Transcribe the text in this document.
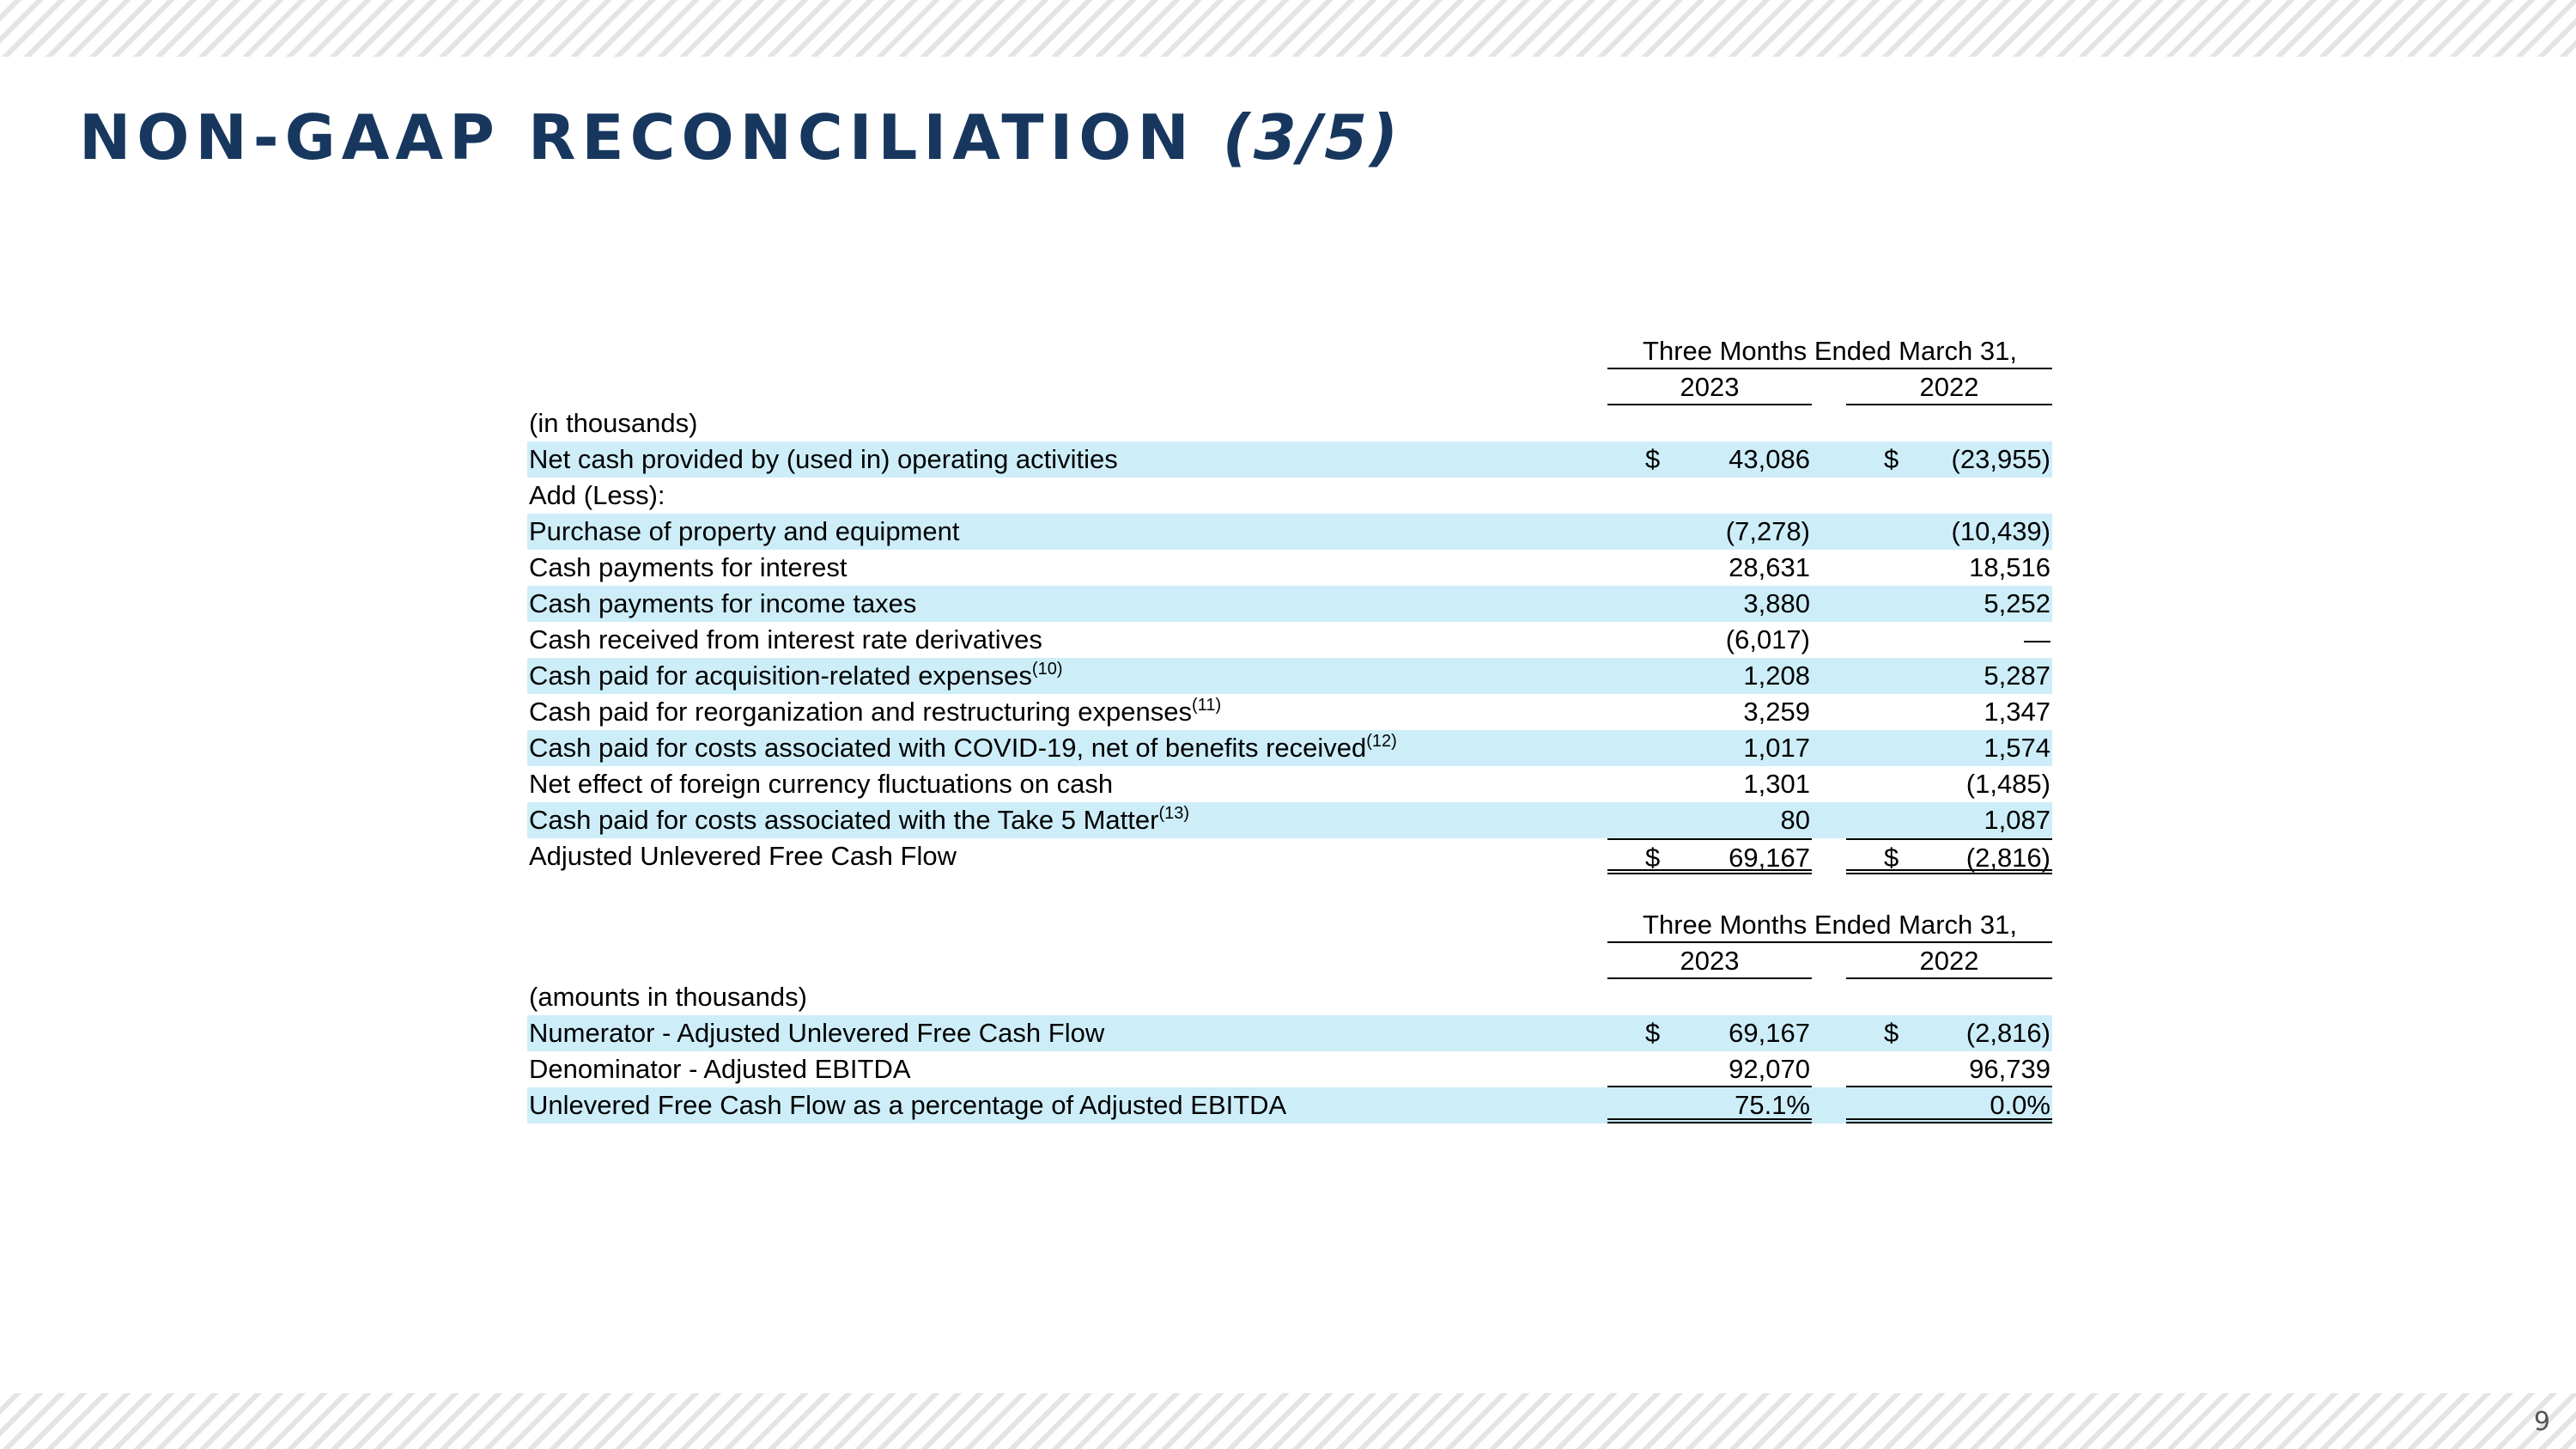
NON-GAAP RECONCILIATION (3/5)
Three Months Ended March 31,
2023	2022
(in thousands)
Net cash provided by (used in) operating activities	$	43,086	$ (23,955)
Add (Less):
Purchase of property and equipment	(7,278)	(10,439)
Cash payments for interest	28,631	18,516
Cash payments for income taxes	3,880	5,252
Cash received from interest rate derivatives	(6,017)	—
Cash paid for acquisition-related expenses$^{(10)}$	1,208	5,287
Cash paid for reorganization and restructuring expenses$^{(11)}$	3,259	1,347
Cash paid for costs associated with COVID-19, net of benefits received$^{(12)}$	1,017	1,574
Net effect of foreign currency fluctuations on cash	1,301	(1,485)
Cash paid for costs associated with the Take 5 Matter$^{(13)}$	80	1,087
Adjusted Unlevered Free Cash Flow	$	69,167	$	(2,816)
Three Months Ended March 31,
2023	2022
(amounts in thousands)
Numerator - Adjusted Unlevered Free Cash Flow	$	69,167	$	(2,816)
Denominator - Adjusted EBITDA	92,070	96,739
Unlevered Free Cash Flow as a percentage of Adjusted EBITDA	75.1%	0.0%
9
